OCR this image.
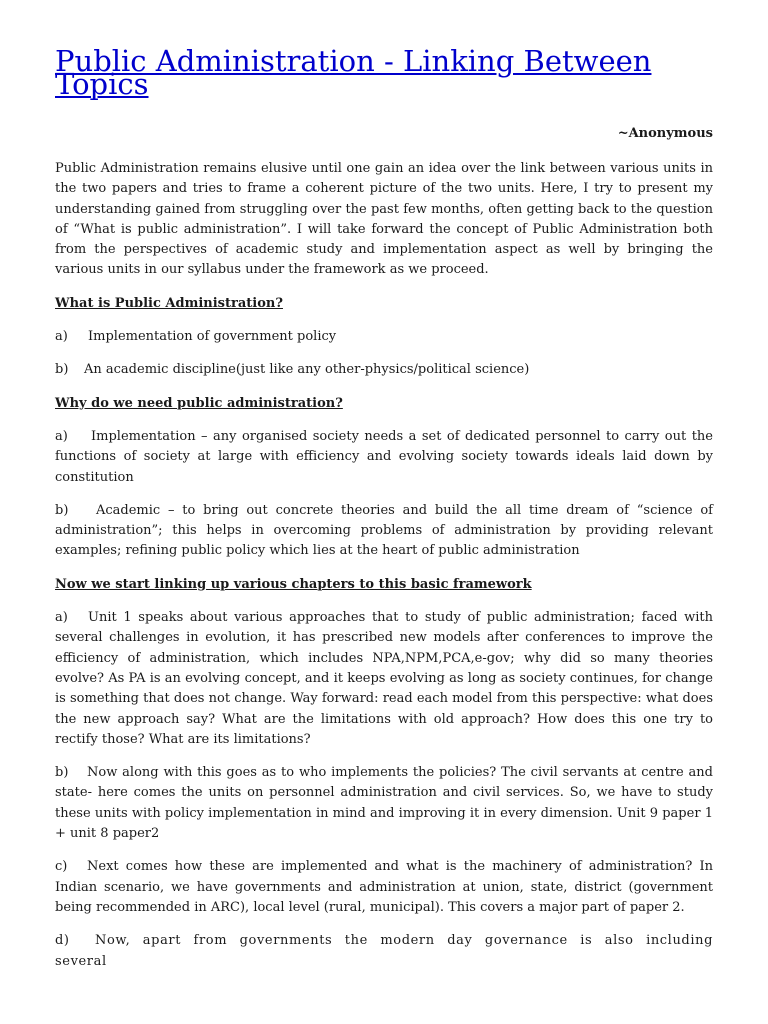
Public Administration - Linking Between Topics
~Anonymous

Public Administration remains elusive until one gain an idea over the link between various units in the two papers and tries to frame a coherent picture of the two units. Here, I try to present my understanding gained from struggling over the past few months, often getting back to the question of “What is public administration”. I will take forward the concept of Public Administration both from the perspectives of academic study and implementation aspect as well by bringing the various units in our syllabus under the framework as we proceed.

What is Public Administration?

a) Implementation of government policy

b) An academic discipline(just like any other-physics/political science)

Why do we need public administration?

a) Implementation – any organised society needs a set of dedicated personnel to carry out the functions of society at large with efficiency and evolving society towards ideals laid down by constitution

b) Academic – to bring out concrete theories and build the all time dream of “science of administration”; this helps in overcoming problems of administration by providing relevant examples; refining public policy which lies at the heart of public administration

Now we start linking up various chapters to this basic framework

a) Unit 1 speaks about various approaches that to study of public administration; faced with several challenges in evolution, it has prescribed new models after conferences to improve the efficiency of administration, which includes NPA,NPM,PCA,e-gov; why did so many theories evolve? As PA is an evolving concept, and it keeps evolving as long as society continues, for change is something that does not change. Way forward: read each model from this perspective: what does the new approach say? What are the limitations with old approach? How does this one try to rectify those? What are its limitations?

b) Now along with this goes as to who implements the policies? The civil servants at centre and state- here comes the units on personnel administration and civil services. So, we have to study these units with policy implementation in mind and improving it in every dimension. Unit 9 paper 1 + unit 8 paper2

c) Next comes how these are implemented and what is the machinery of administration? In Indian scenario, we have governments and administration at union, state, district (government being recommended in ARC), local level (rural, municipal). This covers a major part of paper 2.

d) Now, apart from governments the modern day governance is also including several
